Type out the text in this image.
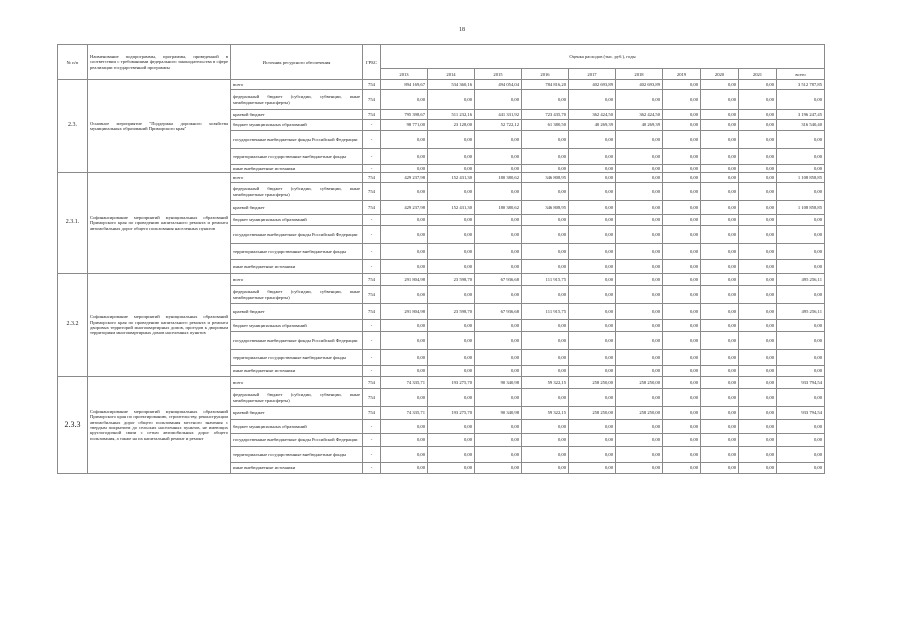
18
№ п/п	Наименование подпрограммы, программы, приведенной в соответствии с требованиями федерального законодательства в сфере реализации государственной программы	Источник ресурсного обеспечения	ГРБС	Оценка расходов (тыс. руб.), годы									
				2013	2014	2015	2016	2017	2018	2019	2020	2021	всего
2.3.	Основное мероприятие "Поддержка дорожного хозяйства муниципальных образований Приморского края"	всего	754	894 169,67	534 360,16	494 054,04	784 816,20	402 693,89	402 693,89	0,00	0,00	0,00	3 512 787,85
		федеральный бюджет (субсидии, субвенции, иные межбюджетные трансферты)	754	0,00	0,00	0,00	0,00	0,00	0,00	0,00	0,00	0,00	0,00
		краевой бюджет	754	795 398,67	511 232,16	441 331,92	723 435,70	362 424,50	362 424,50	0,00	0,00	0,00	3 196 247,45
		бюджет муниципальных образований	-	98 771,00	23 128,00	52 722,12	61 380,50	40 269,39	40 269,39	0,00	0,00	0,00	316 540,40
		государственные внебюджетные фонды Российской Федерации	-	0,00	0,00	0,00	0,00	0,00	0,00	0,00	0,00	0,00	0,00
		территориальные государственные внебюджетные фонды	-	0,00	0,00	0,00	0,00	0,00	0,00	0,00	0,00	0,00	0,00
		иные внебюджетные источники	-	0,00	0,00	0,00	0,00	0,00	0,00	0,00	0,00	0,00	0,00
2.3.1.	Софинансирование мероприятий муниципальных образований Приморского края по проведению капитального ремонта и ремонта автомобильных дорог общего пользования населенных пунктов	всего	754	429 237,98	152 431,30	180 380,62	346 808,95	0,00	0,00	0,00	0,00	0,00	1 108 858,85
		федеральный бюджет (субсидии, субвенции, иные межбюджетные трансферты)	754	0,00	0,00	0,00	0,00	0,00	0,00	0,00	0,00	0,00	0,00
		краевой бюджет	754	429 237,98	152 431,30	180 380,62	346 808,95	0,00	0,00	0,00	0,00	0,00	1 108 858,85
		бюджет муниципальных образований	-	0,00	0,00	0,00	0,00	0,00	0,00	0,00	0,00	0,00	0,00
		государственные внебюджетные фонды Российской Федерации	-	0,00	0,00	0,00	0,00	0,00	0,00	0,00	0,00	0,00	0,00
		территориальные государственные внебюджетные фонды	-	0,00	0,00	0,00	0,00	0,00	0,00	0,00	0,00	0,00	0,00
		иные внебюджетные источники	-	0,00	0,00	0,00	0,00	0,00	0,00	0,00	0,00	0,00	0,00
2.3.2	Софинансирование мероприятий муниципальных образований Приморского края по проведению капитального ремонта и ремонта дворовых территорий многоквартирных домов, проездов к дворовым территориям многоквартирных домов населенных пунктов	всего	754	291 804,98	23 598,70	67 936,68	111 915,75	0,00	0,00	0,00	0,00	0,00	495 256,11
		федеральный бюджет (субсидии, субвенции, иные межбюджетные трансферты)	754	0,00	0,00	0,00	0,00	0,00	0,00	0,00	0,00	0,00	0,00
		краевой бюджет	754	291 804,98	23 598,70	67 936,68	111 915,75	0,00	0,00	0,00	0,00	0,00	495 256,11
		бюджет муниципальных образований	-	0,00	0,00	0,00	0,00	0,00	0,00	0,00	0,00	0,00	0,00
		государственные внебюджетные фонды Российской Федерации	-	0,00	0,00	0,00	0,00	0,00	0,00	0,00	0,00	0,00	0,00
		территориальные государственные внебюджетные фонды	-	0,00	0,00	0,00	0,00	0,00	0,00	0,00	0,00	0,00	0,00
		иные внебюджетные источники	-	0,00	0,00	0,00	0,00	0,00	0,00	0,00	0,00	0,00	0,00
2.3.3	Софинансирование мероприятий муниципальных образований Приморского края по проектированию, строительству, реконструкции автомобильных дорог общего пользования местного значения с твердым покрытием до сельских населенных пунктов, не имеющих круглогодичной связи с сетью автомобильных дорог общего пользования, а также на их капитальный ремонт и ремонт	всего	754	74 335,71	193 275,70	90 340,98	59 322,15	258 250,00	258 250,00	0,00	0,00	0,00	933 794,54
		федеральный бюджет (субсидии, субвенции, иные межбюджетные трансферты)	754	0,00	0,00	0,00	0,00	0,00	0,00	0,00	0,00	0,00	0,00
		краевой бюджет	754	74 335,71	193 275,70	90 340,98	59 322,15	258 250,00	258 250,00	0,00	0,00	0,00	933 794,54
		бюджет муниципальных образований	-	0,00	0,00	0,00	0,00	0,00	0,00	0,00	0,00	0,00	0,00
		государственные внебюджетные фонды Российской Федерации	-	0,00	0,00	0,00	0,00	0,00	0,00	0,00	0,00	0,00	0,00
		территориальные государственные внебюджетные фонды	-	0,00	0,00	0,00	0,00	0,00	0,00	0,00	0,00	0,00	0,00
		иные внебюджетные источники	-	0,00	0,00	0,00	0,00	0,00	0,00	0,00	0,00	0,00	0,00
